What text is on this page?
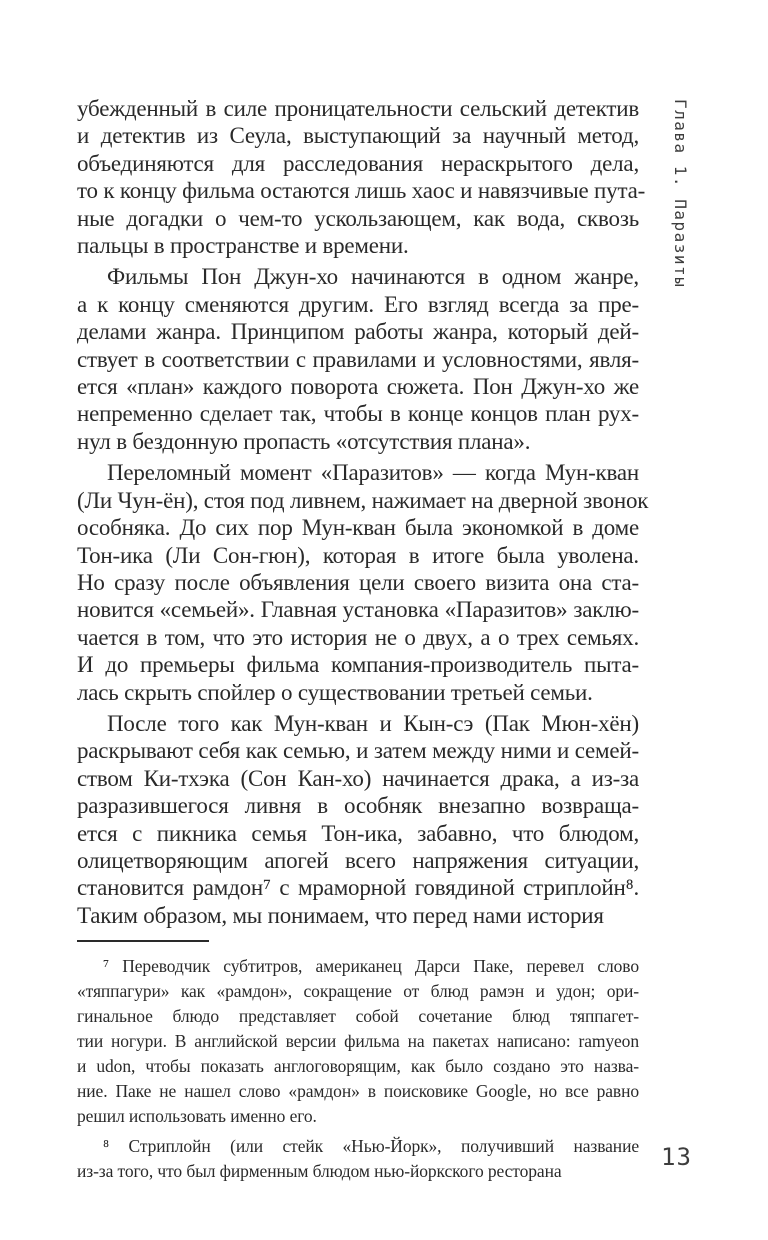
Глава 1. Паразиты
убежденный в силе проницательности сельский детектив
и детектив из Сеула, выступающий за научный метод,
объединяются для расследования нераскрытого дела,
то к концу фильма остаются лишь хаос и навязчивые пута-
ные догадки о чем-то ускользающем, как вода, сквозь
пальцы в пространстве и времени.
Фильмы Пон Джун-хо начинаются в одном жанре,
а к концу сменяются другим. Его взгляд всегда за пре-
делами жанра. Принципом работы жанра, который дей-
ствует в соответствии с правилами и условностями, явля-
ется «план» каждого поворота сюжета. Пон Джун-хо же
непременно сделает так, чтобы в конце концов план рух-
нул в бездонную пропасть «отсутствия плана».
Переломный момент «Паразитов» — когда Мун-кван
(Ли Чун-ён), стоя под ливнем, нажимает на дверной звонок
особняка. До сих пор Мун-кван была экономкой в доме
Тон-ика (Ли Сон-гюн), которая в итоге была уволена.
Но сразу после объявления цели своего визита она ста-
новится «семьей». Главная установка «Паразитов» заклю-
чается в том, что это история не о двух, а о трех семьях.
И до премьеры фильма компания-производитель пыта-
лась скрыть спойлер о существовании третьей семьи.
После того как Мун-кван и Кын-сэ (Пак Мюн-хён)
раскрывают себя как семью, и затем между ними и семей-
ством Ки-тхэка (Сон Кан-хо) начинается драка, а из-за
разразившегося ливня в особняк внезапно возвраща-
ется с пикника семья Тон-ика, забавно, что блюдом,
олицетворяющим апогей всего напряжения ситуации,
становится рамдон⁷ с мраморной говядиной стриплойн⁸.
Таким образом, мы понимаем, что перед нами история
⁷ Переводчик субтитров, американец Дарси Паке, перевел слово
«тяппагури» как «рамдон», сокращение от блюд рамэн и удон; ори-
гинальное блюдо представляет собой сочетание блюд тяппагет-
тии ногури. В английской версии фильма на пакетах написано: ramyeon
и udon, чтобы показать англоговорящим, как было создано это назва-
ние. Паке не нашел слово «рамдон» в поисковике Google, но все равно
решил использовать именно его.
⁸ Стриплойн (или стейк «Нью-Йорк», получивший название
из-за того, что был фирменным блюдом нью-йоркского ресторана
13
